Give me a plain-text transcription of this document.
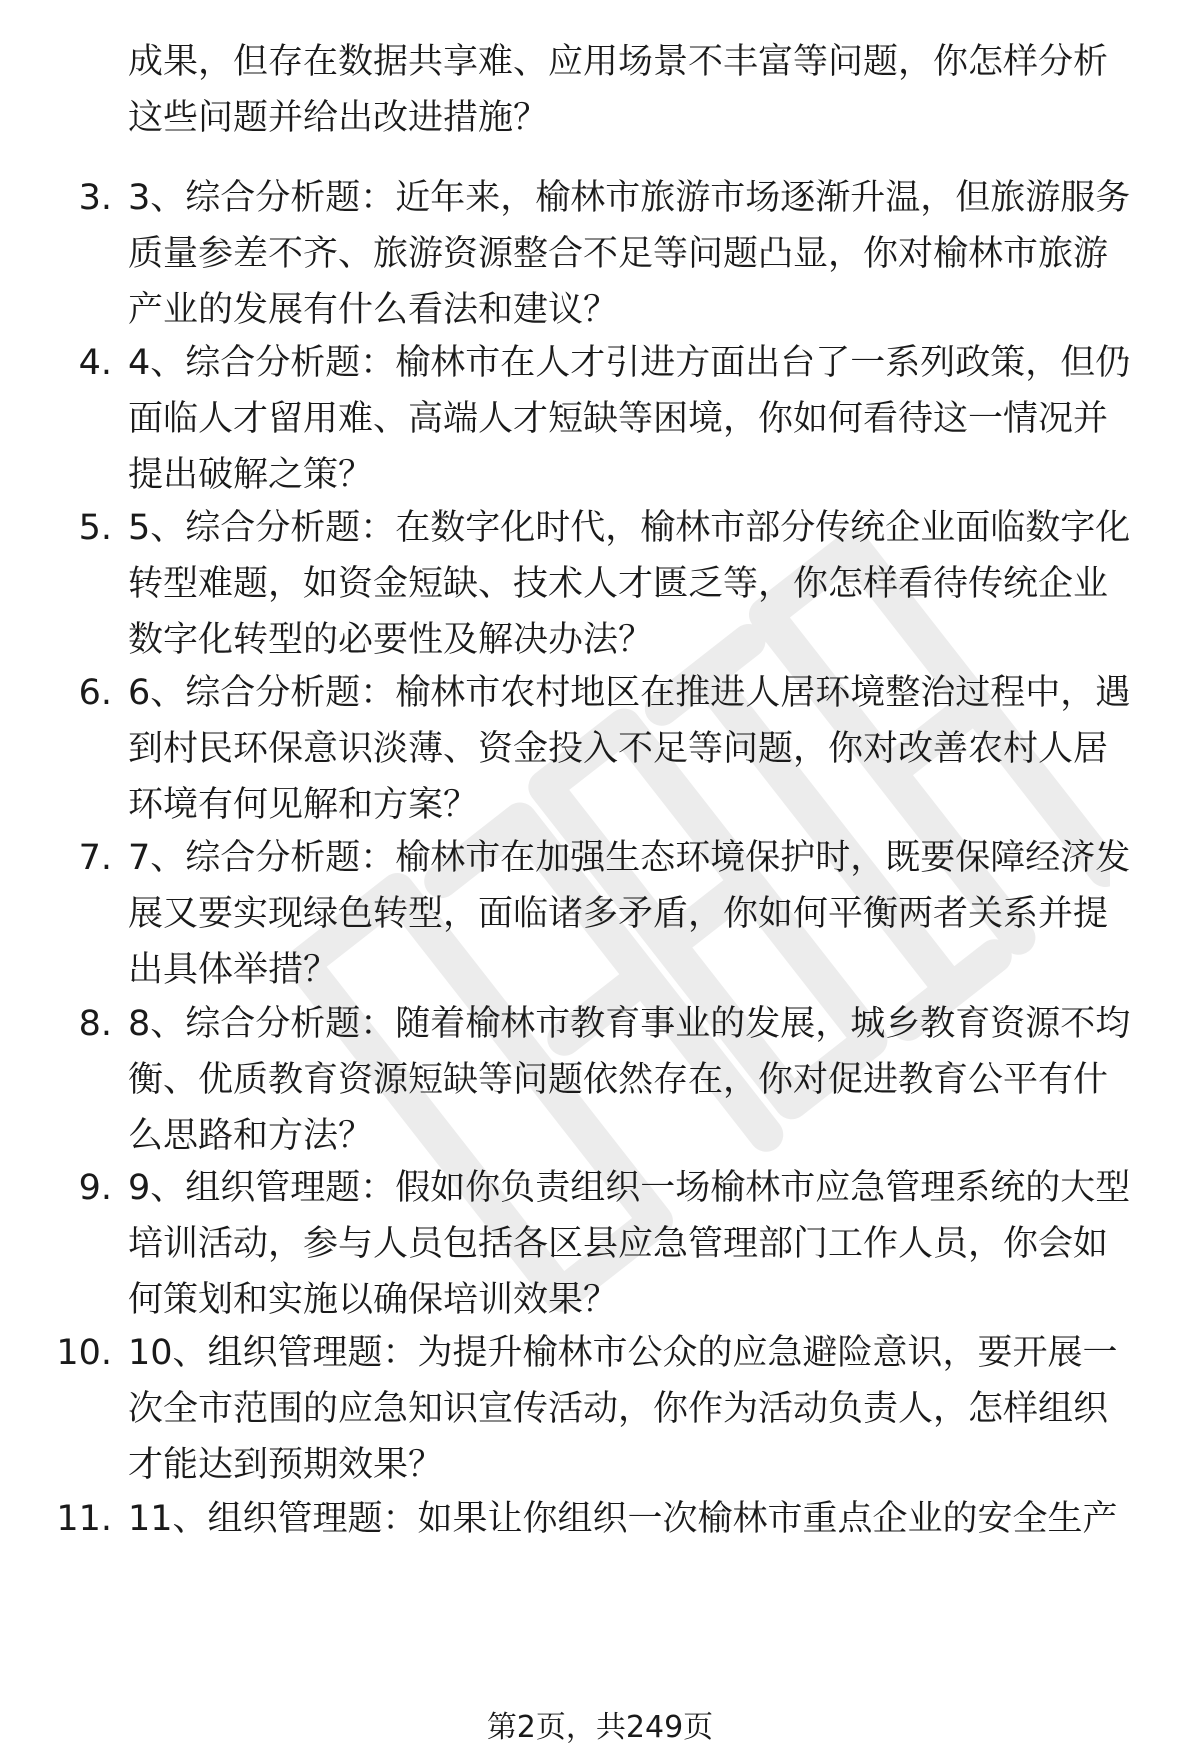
成果，但存在数据共享难、应用场景不丰富等问题，你怎样分析
这些问题并给出改进措施？
3. 3、综合分析题：近年来，榆林市旅游市场逐渐升温，但旅游服务
质量参差不齐、旅游资源整合不足等问题凸显，你对榆林市旅游
产业的发展有什么看法和建议？
4. 4、综合分析题：榆林市在人才引进方面出台了一系列政策，但仍
面临人才留用难、高端人才短缺等困境，你如何看待这一情况并
提出破解之策？
5. 5、综合分析题：在数字化时代，榆林市部分传统企业面临数字化
转型难题，如资金短缺、技术人才匮乏等，你怎样看待传统企业
数字化转型的必要性及解决办法？
6. 6、综合分析题：榆林市农村地区在推进人居环境整治过程中，遇
到村民环保意识淡薄、资金投入不足等问题，你对改善农村人居
环境有何见解和方案？
7. 7、综合分析题：榆林市在加强生态环境保护时，既要保障经济发
展又要实现绿色转型，面临诸多矛盾，你如何平衡两者关系并提
出具体举措？
8. 8、综合分析题：随着榆林市教育事业的发展，城乡教育资源不均
衡、优质教育资源短缺等问题依然存在，你对促进教育公平有什
么思路和方法？
9. 9、组织管理题：假如你负责组织一场榆林市应急管理系统的大型
培训活动，参与人员包括各区县应急管理部门工作人员，你会如
何策划和实施以确保培训效果？
10. 10、组织管理题：为提升榆林市公众的应急避险意识，要开展一
次全市范围的应急知识宣传活动，你作为活动负责人，怎样组织
才能达到预期效果？
11. 11、组织管理题：如果让你组织一次榆林市重点企业的安全生产
第2页，共249页
